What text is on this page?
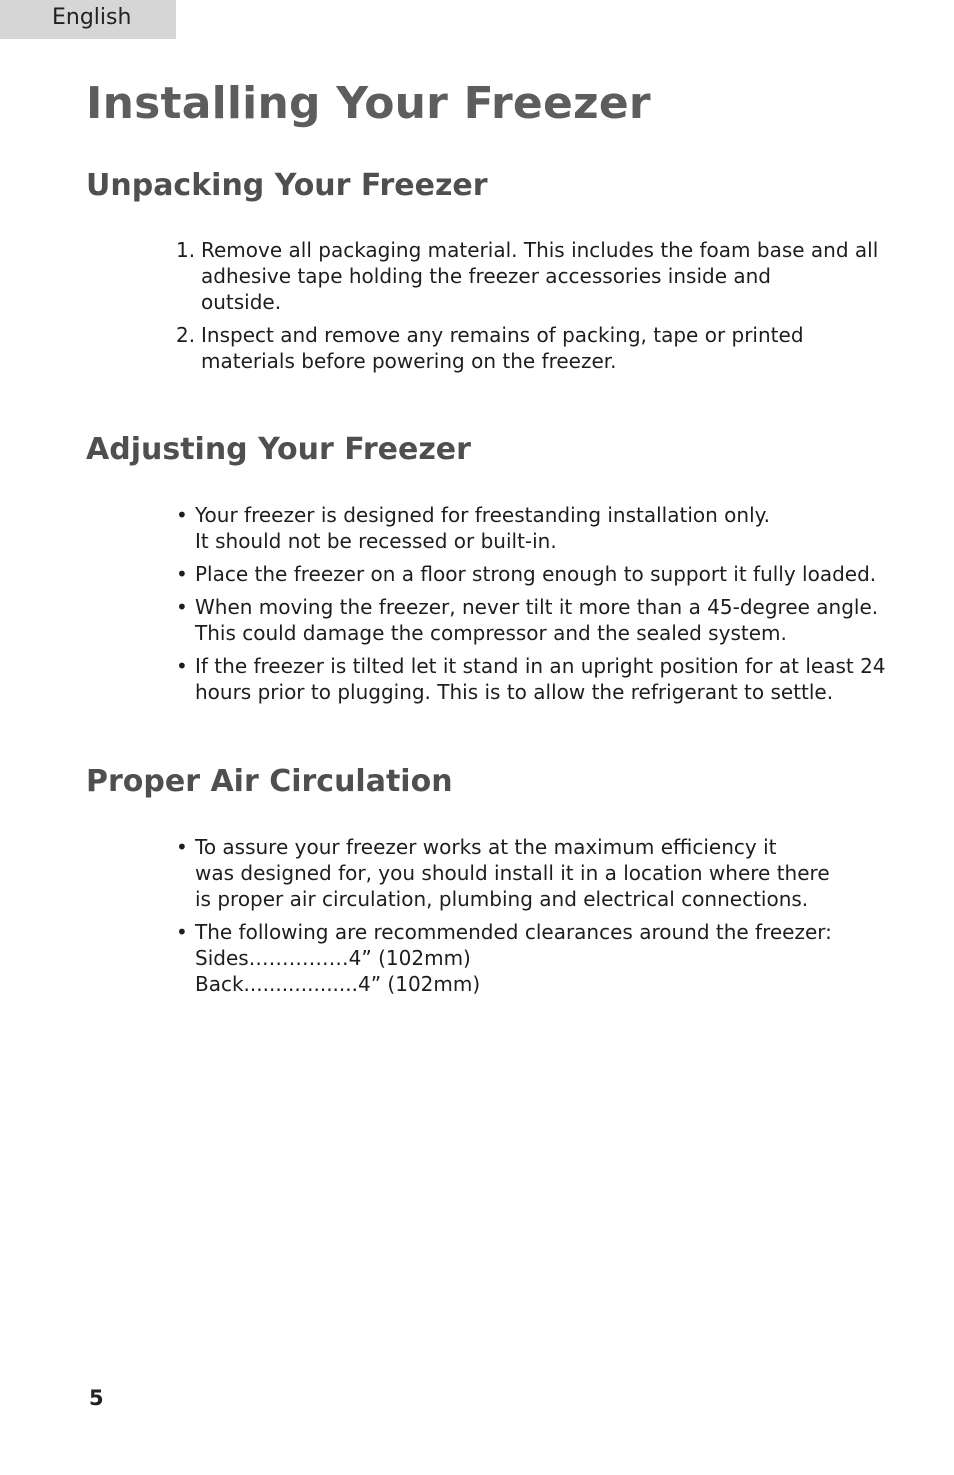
English
Installing Your Freezer
Unpacking Your Freezer
1. Remove all packaging material. This includes the foam base and all
adhesive tape holding the freezer accessories inside and
outside.
2. Inspect and remove any remains of packing, tape or printed
materials before powering on the freezer.
Adjusting Your Freezer
• Your freezer is designed for freestanding installation only.
It should not be recessed or built-in.
• Place the freezer on a floor strong enough to support it fully loaded.
• When moving the freezer, never tilt it more than a 45-degree angle.
This could damage the compressor and the sealed system.
• If the freezer is tilted let it stand in an upright position for at least 24
hours prior to plugging. This is to allow the refrigerant to settle.
Proper Air Circulation
• To assure your freezer works at the maximum efficiency it
was designed for, you should install it in a location where there
is proper air circulation, plumbing and electrical connections.
• The following are recommended clearances around the freezer:
Sides……………4” (102mm)
Back..................4” (102mm)
5
